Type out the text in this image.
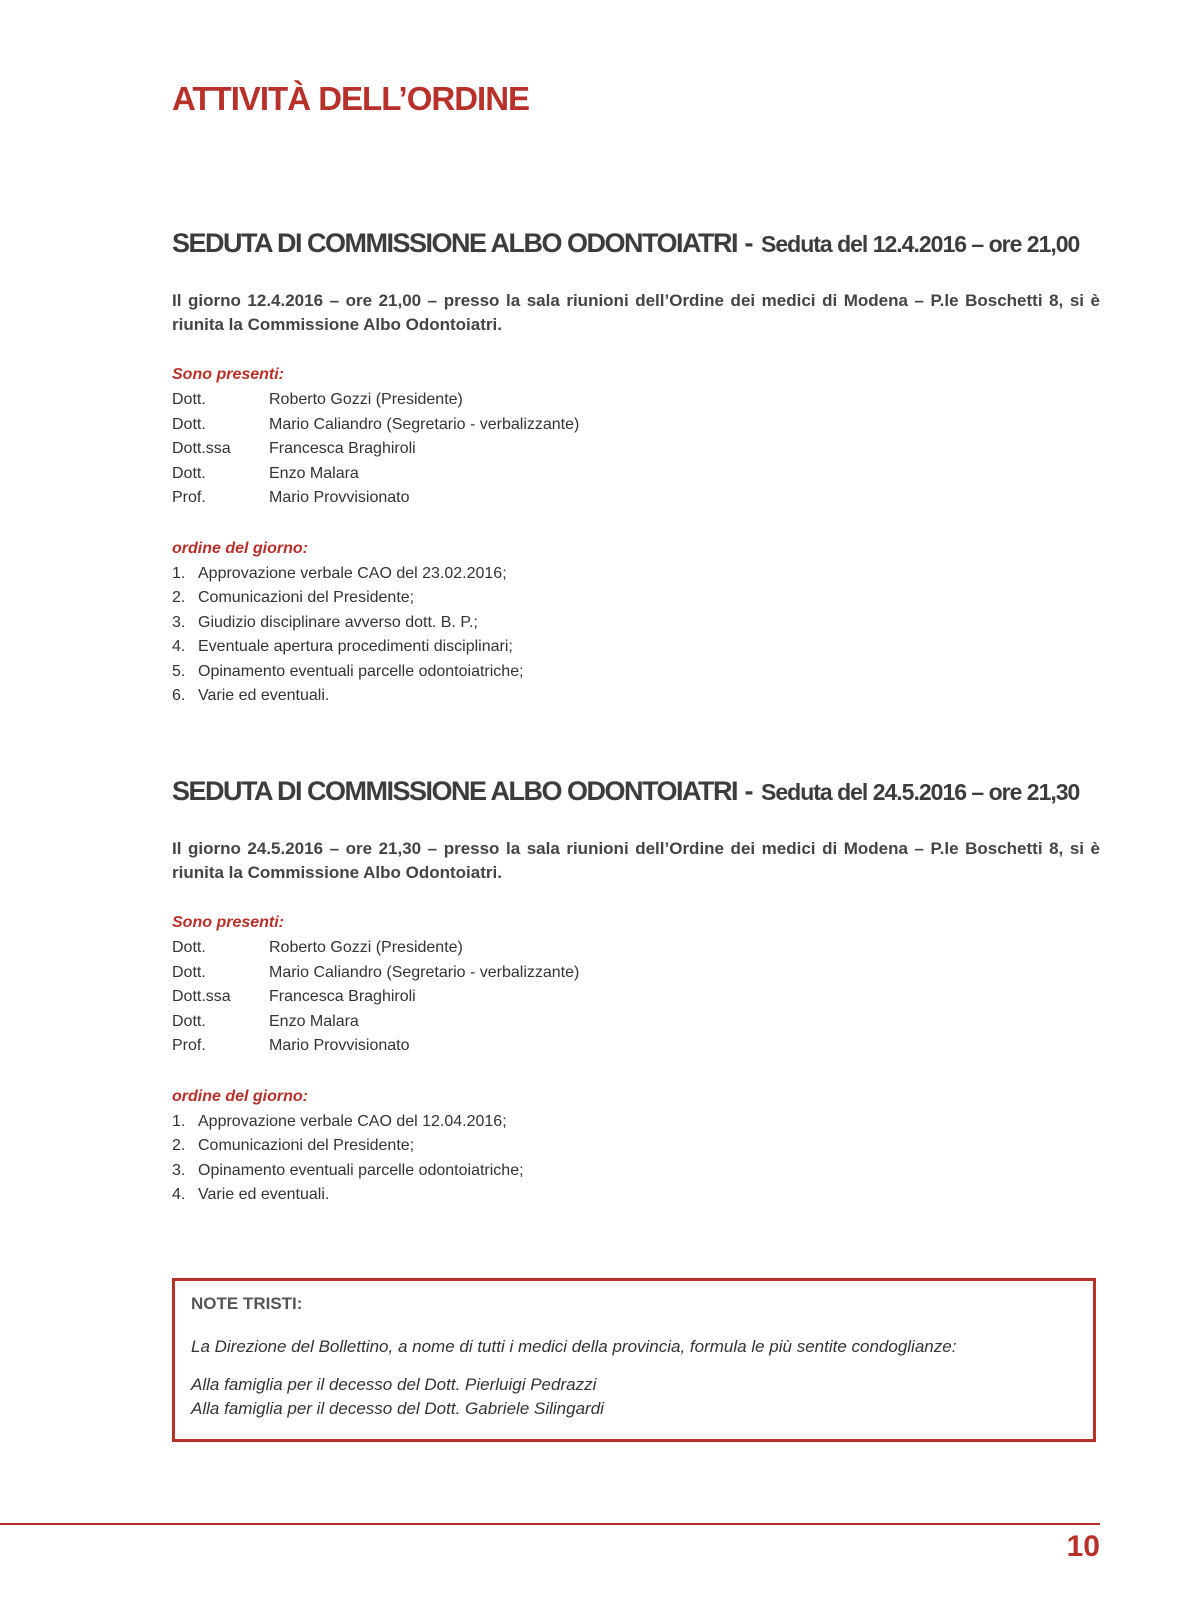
ATTIVITÀ DELL’ORDINE
SEDUTA DI COMMISSIONE ALBO ODONTOIATRI - Seduta del 12.4.2016 – ore 21,00

Il giorno 12.4.2016 – ore 21,00 – presso la sala riunioni dell’Ordine dei medici di Modena – P.le Boschetti 8, si è riunita la Commissione Albo Odontoiatri.

Sono presenti:
Dott.	Roberto Gozzi (Presidente)
Dott.	Mario Caliandro (Segretario - verbalizzante)
Dott.ssa	Francesca Braghiroli
Dott.	Enzo Malara
Prof.	Mario Provvisionato
ordine del giorno:
1. Approvazione verbale CAO del 23.02.2016;
2. Comunicazioni del Presidente;
3. Giudizio disciplinare avverso dott. B. P.;
4. Eventuale apertura procedimenti disciplinari;
5. Opinamento eventuali parcelle odontoiatriche;
6. Varie ed eventuali.
SEDUTA DI COMMISSIONE ALBO ODONTOIATRI - Seduta del 24.5.2016 – ore 21,30

Il giorno 24.5.2016 – ore 21,30 – presso la sala riunioni dell’Ordine dei medici di Modena – P.le Boschetti 8, si è riunita la Commissione Albo Odontoiatri.

Sono presenti:
Dott.	Roberto Gozzi (Presidente)
Dott.	Mario Caliandro (Segretario - verbalizzante)
Dott.ssa	Francesca Braghiroli
Dott.	Enzo Malara
Prof.	Mario Provvisionato
ordine del giorno:
1. Approvazione verbale CAO del 12.04.2016;
2. Comunicazioni del Presidente;
3. Opinamento eventuali parcelle odontoiatriche;
4. Varie ed eventuali.

NOTE TRISTI:

La Direzione del Bollettino, a nome di tutti i medici della provincia, formula le più sentite condoglianze:

Alla famiglia per il decesso del Dott. Pierluigi Pedrazzi

Alla famiglia per il decesso del Dott. Gabriele Silingardi

10
